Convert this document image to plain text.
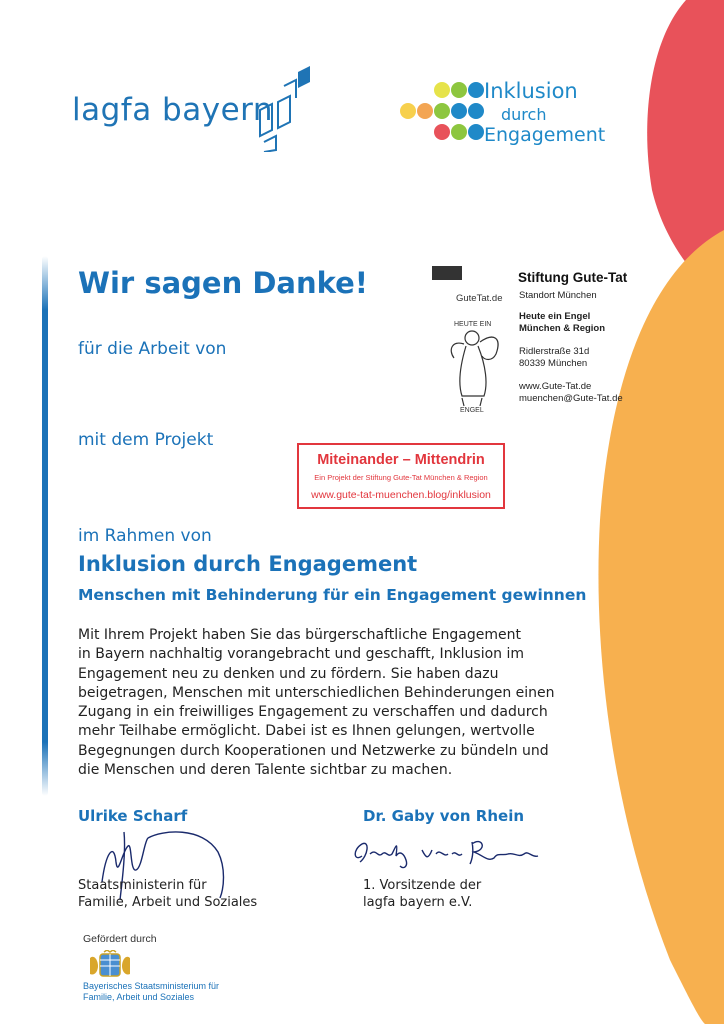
lagfa bayern
Inklusion
durch
Engagement
Wir sagen Danke!
für die Arbeit von
mit dem Projekt
im Rahmen von
Inklusion durch Engagement
Menschen mit Behinderung für ein Engagement gewinnen
Mit Ihrem Projekt haben Sie das bürgerschaftliche Engagement
in Bayern nachhaltig vorangebracht und geschafft, Inklusion im
Engagement neu zu denken und zu fördern. Sie haben dazu
beigetragen, Menschen mit unterschiedlichen Behinderungen einen
Zugang in ein freiwilliges Engagement zu verschaffen und dadurch
mehr Teilhabe ermöglicht. Dabei ist es Ihnen gelungen, wertvolle
Begegnungen durch Kooperationen und Netzwerke zu bündeln und
die Menschen und deren Talente sichtbar zu machen.
HEUTE EIN
ENGEL
GuteTat.de
Stiftung Gute-Tat
Standort München
Heute ein Engel
München & Region
Ridlerstraße 31d
80339 München
www.Gute-Tat.de
muenchen@Gute-Tat.de
Miteinander – Mittendrin
Ein Projekt der Stiftung Gute-Tat München & Region
www.gute-tat-muenchen.blog/inklusion
Ulrike Scharf
Staatsministerin für
Familie, Arbeit und Soziales
Dr. Gaby von Rhein
1. Vorsitzende der
lagfa bayern e.V.
Gefördert durch
Bayerisches Staatsministerium für
Familie, Arbeit und Soziales
